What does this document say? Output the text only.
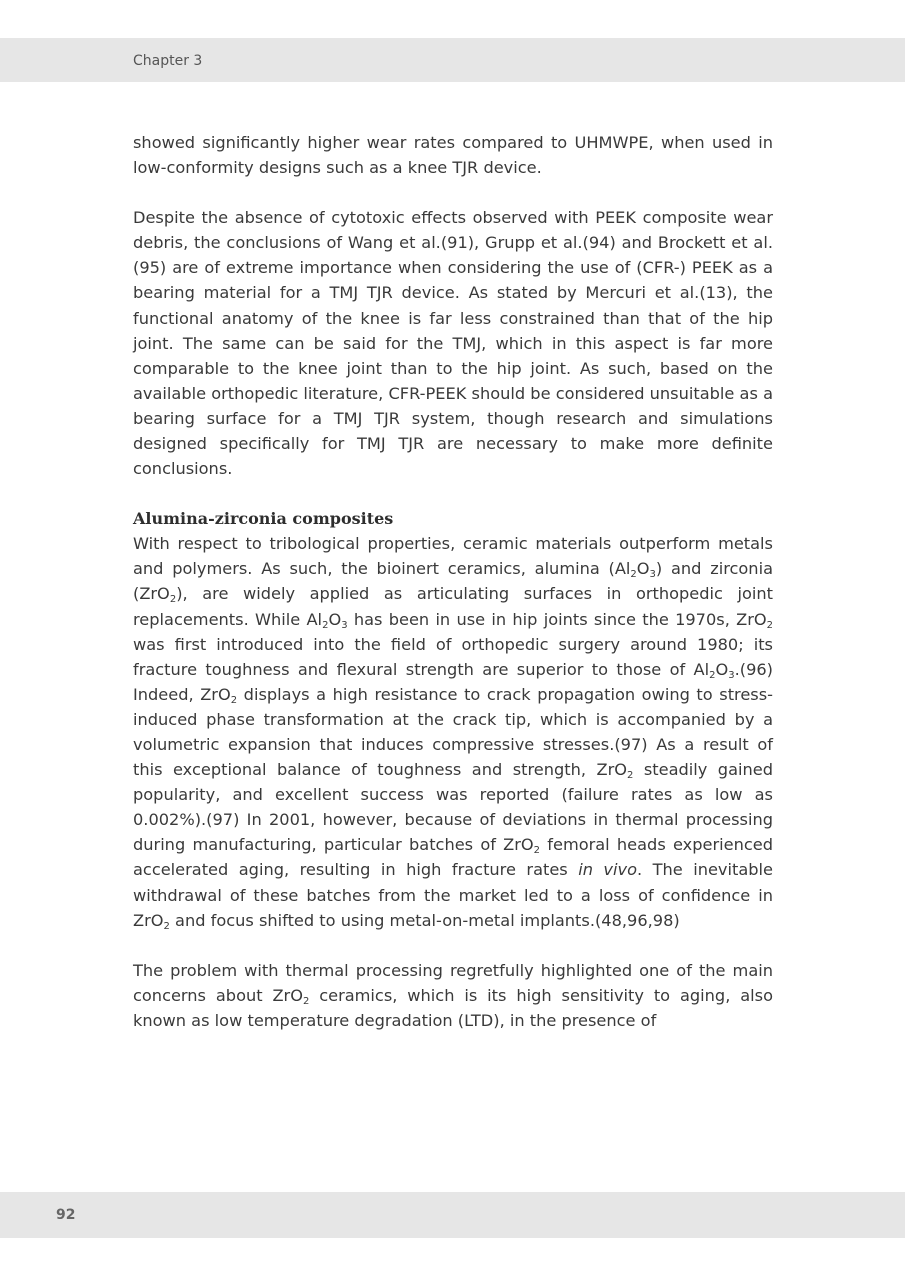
Chapter 3

showed significantly higher wear rates compared to UHMWPE, when used in low-conformity designs such as a knee TJR device.

Despite the absence of cytotoxic effects observed with PEEK composite wear debris, the conclusions of Wang et al.(91), Grupp et al.(94) and Brockett et al.(95) are of extreme importance when considering the use of (CFR-) PEEK as a bearing material for a TMJ TJR device. As stated by Mercuri et al.(13), the functional anatomy of the knee is far less constrained than that of the hip joint. The same can be said for the TMJ, which in this aspect is far more comparable to the knee joint than to the hip joint. As such, based on the available orthopedic literature, CFR-PEEK should be considered unsuitable as a bearing surface for a TMJ TJR system, though research and simulations designed specifically for TMJ TJR are necessary to make more definite conclusions.

Alumina-zirconia composites

With respect to tribological properties, ceramic materials outperform metals and polymers. As such, the bioinert ceramics, alumina $(Al_2O_3)$ and zirconia (ZrO$_2$), are widely applied as articulating surfaces in orthopedic joint replacements. While $Al_2O_3$ has been in use in hip joints since the 1970s, ZrO$_2$ was first introduced into the field of orthopedic surgery around 1980; its fracture toughness and flexural strength are superior to those of $Al_2O_3.(96)$ Indeed, ZrO$_2$ displays a high resistance to crack propagation owing to stress-induced phase transformation at the crack tip, which is accompanied by a volumetric expansion that induces compressive stresses.(97) As a result of this exceptional balance of toughness and strength, ZrO$_2$ steadily gained popularity, and excellent success was reported (failure rates as low as 0.002%).(97) In 2001, however, because of deviations in thermal processing during manufacturing, particular batches of ZrO$_2$ femoral heads experienced accelerated aging, resulting in high fracture rates in vivo. The inevitable withdrawal of these batches from the market led to a loss of confidence in ZrO$_2$ and focus shifted to using metal-on-metal implants.(48,96,98)

The problem with thermal processing regretfully highlighted one of the main concerns about ZrO$_2$ ceramics, which is its high sensitivity to aging, also known as low temperature degradation (LTD), in the presence of

92
